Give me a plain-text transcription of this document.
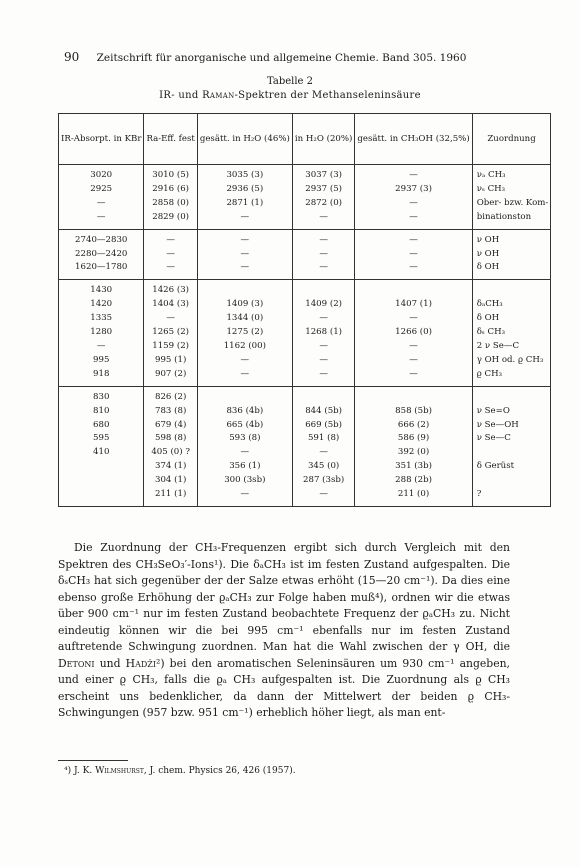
90 Zeitschrift für anorganische und allgemeine Chemie. Band 305. 1960
Tabelle 2
IR- und Raman-Spektren der Methanseleninsäure
IR-Absorpt. in KBr	Ra-Eff. fest	gesätt. in H₂O (46%)	in H₂O (20%)	gesätt. in CH₃OH (32,5%)	Zuordnung
3020	3010 (5)	3035 (3)	3037 (3)	—	νₐ CH₃
2925	2916 (6)	2936 (5)	2937 (5)	2937 (3)	νₛ CH₃
—	2858 (0)	2871 (1)	2872 (0)	—	Ober- bzw. Kom-
—	2829 (0)	—	—	—	binationston
2740—2830	—	—	—	—	ν OH
2280—2420	—	—	—	—	ν OH
1620—1780	—	—	—	—	δ OH
1430	1426 (3)				
1420	1404 (3)	1409 (3)	1409 (2)	1407 (1)	δₐCH₃
1335	—	1344 (0)	—	—	δ OH
1280	1265 (2)	1275 (2)	1268 (1)	1266 (0)	δₛ CH₃
—	1159 (2)	1162 (00)	—	—	2 ν Se—C
995	995 (1)	—	—	—	γ OH od. ϱ CH₃
918	907 (2)	—	—	—	ϱ CH₃
830	826 (2)				
810	783 (8)	836 (4b)	844 (5b)	858 (5b)	ν Se=O
680	679 (4)	665 (4b)	669 (5b)	666 (2)	ν Se—OH
595	598 (8)	593 (8)	591 (8)	586 (9)	ν Se—C
410	405 (0) ?	—	—	392 (0)	
	374 (1)	356 (1)	345 (0)	351 (3b)	δ Gerüst
	304 (1)	300 (3sb)	287 (3sb)	288 (2b)	
	211 (1)	—	—	211 (0)	?

Die Zuordnung der CH₃-Frequenzen ergibt sich durch Vergleich mit den Spektren des CH₃SeO₃′-Ions¹). Die δₐCH₃ ist im festen Zustand aufgespalten. Die δₛCH₃ hat sich gegenüber der der Salze etwas erhöht (15—20 cm⁻¹). Da dies eine ebenso große Erhöhung der ϱₐCH₃ zur Folge haben muß⁴), ordnen wir die etwas über 900 cm⁻¹ nur im festen Zustand beobachtete Frequenz der ϱₐCH₃ zu. Nicht eindeutig können wir die bei 995 cm⁻¹ ebenfalls nur im festen Zustand auftretende Schwingung zuordnen. Man hat die Wahl zwischen der γ OH, die Detoni und Hadži²) bei den aromatischen Seleninsäuren um 930 cm⁻¹ angeben, und einer ϱ CH₃, falls die ϱₐ CH₃ aufgespalten ist. Die Zuordnung als ϱ CH₃ erscheint uns bedenklicher, da dann der Mittelwert der beiden ϱ CH₃-Schwingungen (957 bzw. 951 cm⁻¹) erheblich höher liegt, als man ent-

⁴) J. K. Wilmshurst, J. chem. Physics 26, 426 (1957).
